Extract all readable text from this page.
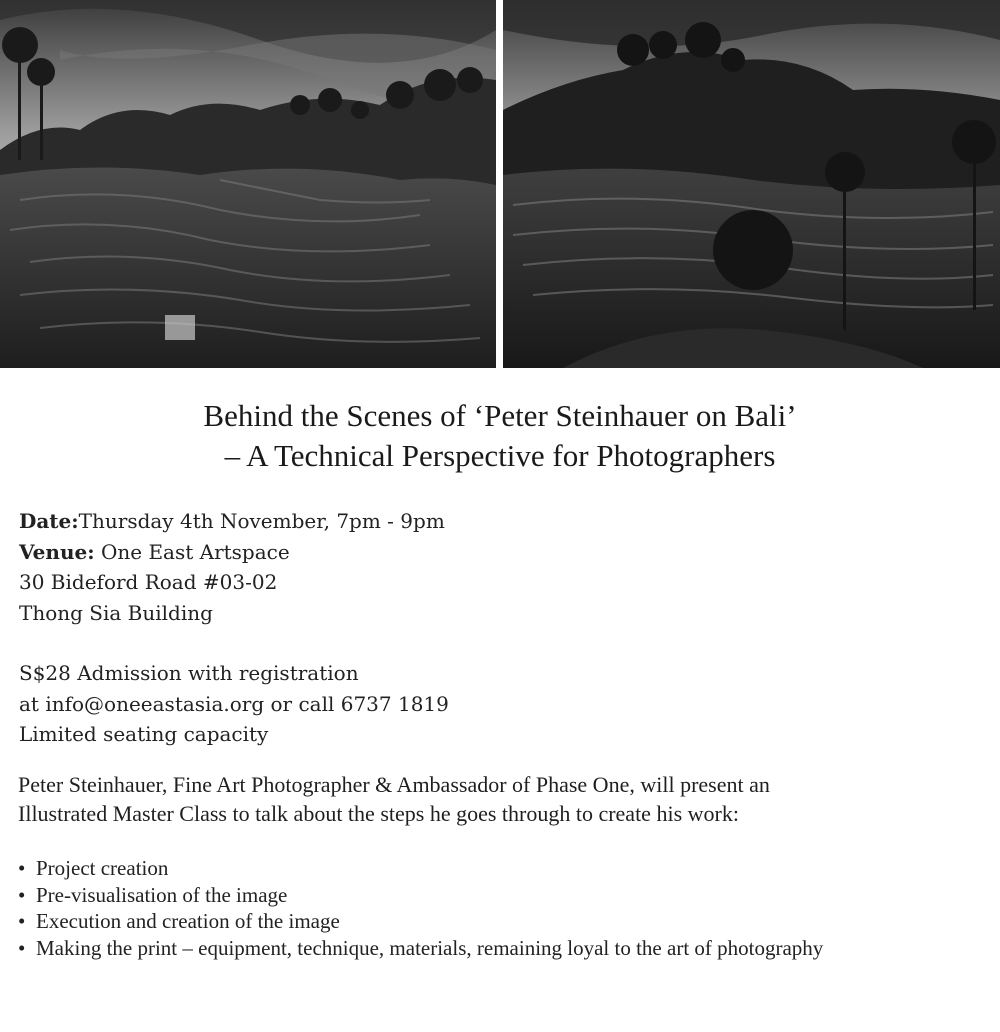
Behind the Scenes of ‘Peter Steinhauer on Bali’
– A Technical Perspective for Photographers
Date:Thursday 4th November, 7pm - 9pm
Venue: One East Artspace
30 Bideford Road #03-02
Thong Sia Building
S$28 Admission with registration
at info@oneeastasia.org or call 6737 1819
Limited seating capacity
Peter Steinhauer, Fine Art Photographer & Ambassador of Phase One, will present an
Illustrated Master Class to talk about the steps he goes through to create his work:
• Project creation
• Pre-visualisation of the image
• Execution and creation of the image
• Making the print – equipment, technique, materials, remaining loyal to the art of photography
